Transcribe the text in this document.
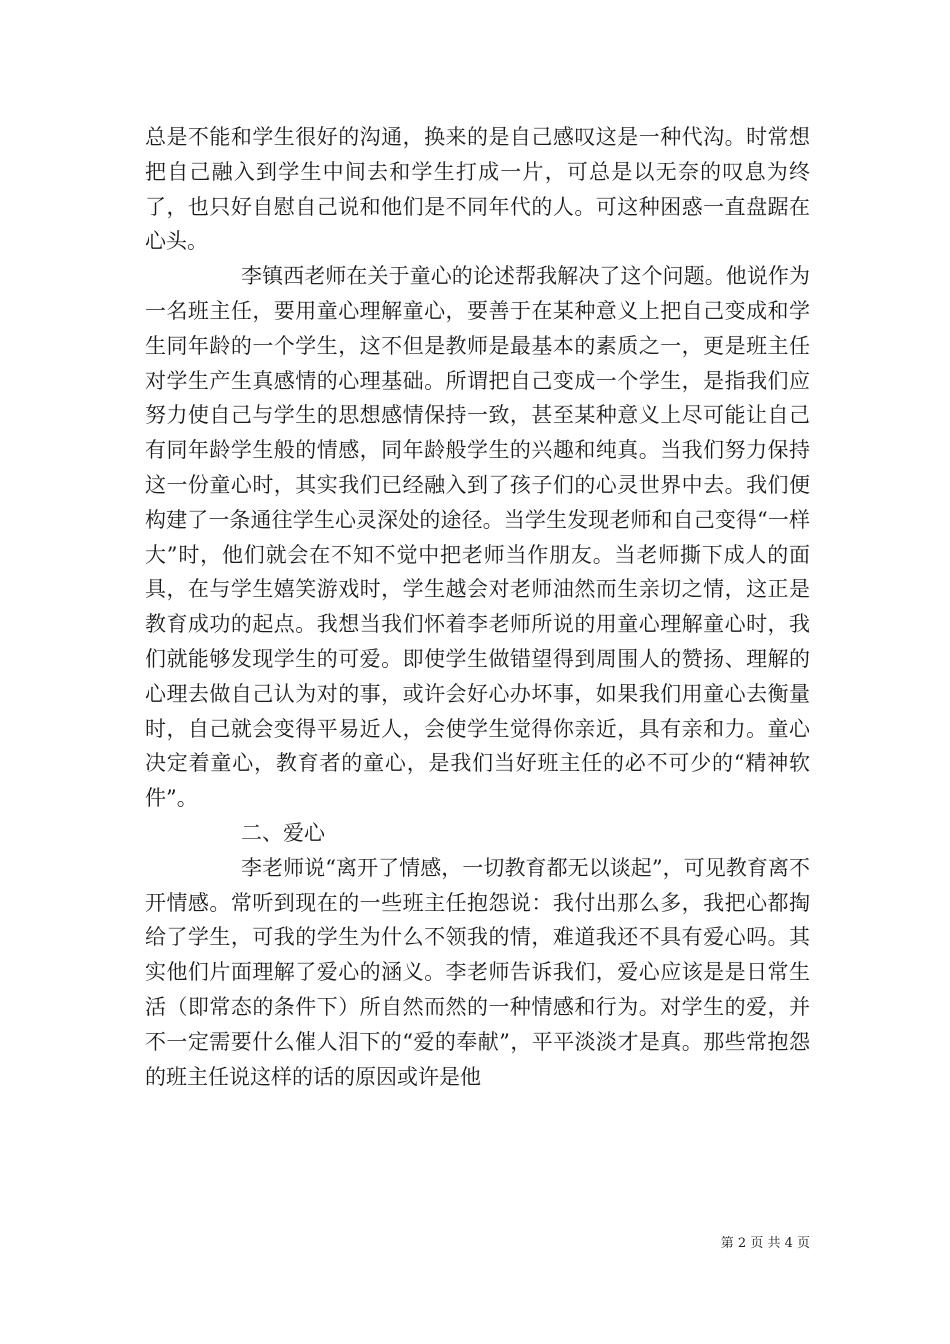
总是不能和学生很好的沟通，换来的是自己感叹这是一种代沟。时常想把自己融入到学生中间去和学生打成一片，可总是以无奈的叹息为终了，也只好自慰自己说和他们是不同年代的人。可这种困惑一直盘踞在心头。

李镇西老师在关于童心的论述帮我解决了这个问题。他说作为一名班主任，要用童心理解童心，要善于在某种意义上把自己变成和学生同年龄的一个学生，这不但是教师是最基本的素质之一，更是班主任对学生产生真感情的心理基础。所谓把自己变成一个学生，是指我们应努力使自己与学生的思想感情保持一致，甚至某种意义上尽可能让自己有同年龄学生般的情感，同年龄般学生的兴趣和纯真。当我们努力保持这一份童心时，其实我们已经融入到了孩子们的心灵世界中去。我们便构建了一条通往学生心灵深处的途径。当学生发现老师和自己变得“一样大”时，他们就会在不知不觉中把老师当作朋友。当老师撕下成人的面具，在与学生嬉笑游戏时，学生越会对老师油然而生亲切之情，这正是教育成功的起点。我想当我们怀着李老师所说的用童心理解童心时，我们就能够发现学生的可爱。即使学生做错望得到周围人的赞扬、理解的心理去做自己认为对的事，或许会好心办坏事，如果我们用童心去衡量时，自己就会变得平易近人，会使学生觉得你亲近，具有亲和力。童心决定着童心，教育者的童心，是我们当好班主任的必不可少的“精神软件”。

二、爱心

李老师说“离开了情感，一切教育都无以谈起”，可见教育离不开情感。常听到现在的一些班主任抱怨说：我付出那么多，我把心都掏给了学生，可我的学生为什么不领我的情，难道我还不具有爱心吗。其实他们片面理解了爱心的涵义。李老师告诉我们，爱心应该是是日常生活（即常态的条件下）所自然而然的一种情感和行为。对学生的爱，并不一定需要什么催人泪下的“爱的奉献”，平平淡淡才是真。那些常抱怨的班主任说这样的话的原因或许是他

第 2 页 共 4 页
